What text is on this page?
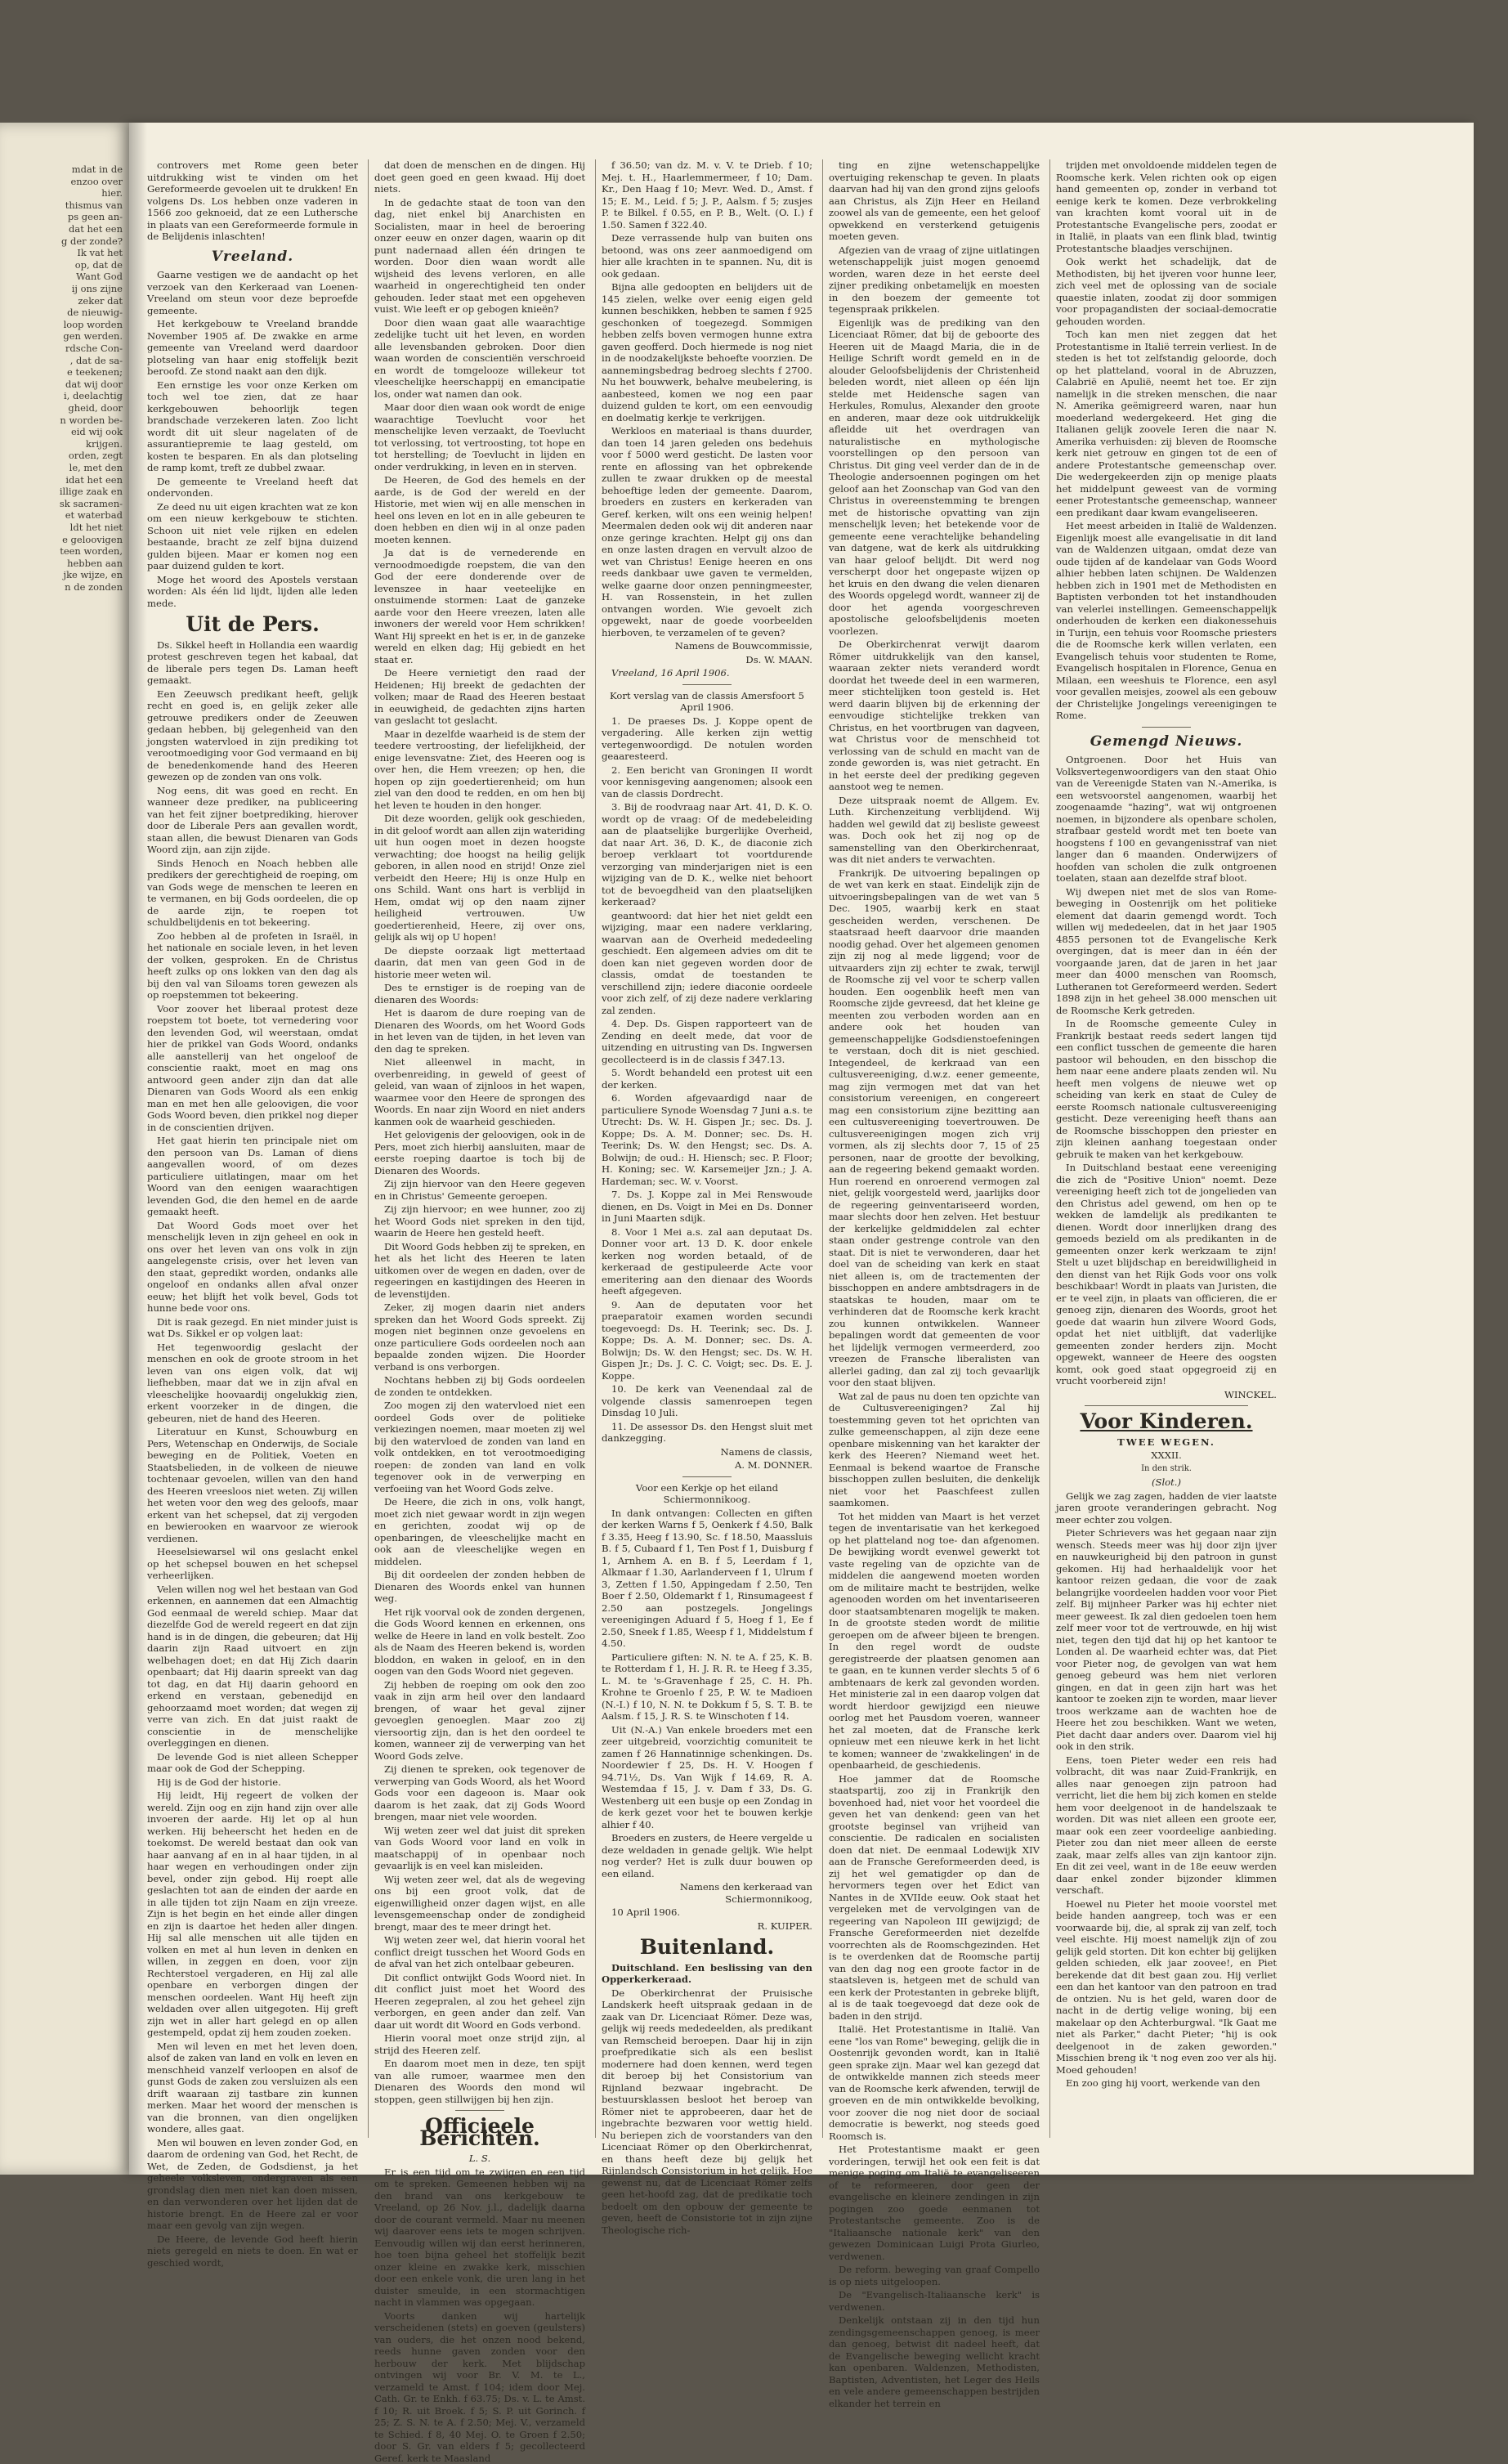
mdat in de
enzoo over
hier.
thismus van
ps geen an-
dat het een
g der zonde?
Ik vat het
op, dat de
Want God
ij ons zijne
zeker dat
de nieuwig-
loop worden
gen werden.
rdsche Con-
, dat de sa-
e teekenen;
dat wij door
i, deelachtig
gheid, door
n worden be-
eid wij ook
krijgen.
orden, zegt
le, met den
idat het een
illige zaak en
sk sacramen-
et waterbad
ldt het niet
e geloovigen
teen worden,
hebben aan
jke wijze, en
n de zonden

controvers met Rome geen beter uitdrukking wist te vinden om het Gereformeerde gevoelen uit te drukken! En volgens Ds. Los hebben onze vaderen in 1566 zoo geknoeid, dat ze een Luthersche in plaats van een Gereformeerde formule in de Belijdenis inlaschten!

Vreeland.

Gaarne vestigen we de aandacht op het verzoek van den Kerkeraad van Loenen-Vreeland om steun voor deze beproefde gemeente.

Het kerkgebouw te Vreeland brandde November 1905 af. De zwakke en arme gemeente van Vreeland werd daardoor plotseling van haar enig stoffelijk bezit beroofd. Ze stond naakt aan den dijk.

Een ernstige les voor onze Kerken om toch wel toe zien, dat ze haar kerkgebouwen behoorlijk tegen brandschade verzekeren laten. Zoo licht wordt dit uit sleur nagelaten of de assurantiepremie te laag gesteld, om kosten te besparen. En als dan plotseling de ramp komt, treft ze dubbel zwaar.

De gemeente te Vreeland heeft dat ondervonden.

Ze deed nu uit eigen krachten wat ze kon om een nieuw kerkgebouw te stichten. Schoon uit niet vele rijken en edelen bestaande, bracht ze zelf bijna duizend gulden bijeen. Maar er komen nog een paar duizend gulden te kort.

Moge het woord des Apostels verstaan worden: Als één lid lijdt, lijden alle leden mede.

Uit de Pers.

Ds. Sikkel heeft in Hollandia een waardig protest geschreven tegen het kabaal, dat de liberale pers tegen Ds. Laman heeft gemaakt.

Een Zeeuwsch predikant heeft, gelijk recht en goed is, en gelijk zeker alle getrouwe predikers onder de Zeeuwen gedaan hebben, bij gelegenheid van den jongsten watervloed in zijn prediking tot verootmoediging voor God vermaand en bij de benedenkomende hand des Heeren gewezen op de zonden van ons volk.

Nog eens, dit was goed en recht. En wanneer deze prediker, na publiceering van het feit zijner boetprediking, hierover door de Liberale Pers aan gevallen wordt, staan allen, die bewust Dienaren van Gods Woord zijn, aan zijn zijde.

Sinds Henoch en Noach hebben alle predikers der gerechtigheid de roeping, om van Gods wege de menschen te leeren en te vermanen, en bij Gods oordeelen, die op de aarde zijn, te roepen tot schuldbelijdenis en tot bekeering.

Zoo hebben al de profeten in Israël, in het nationale en sociale leven, in het leven der volken, gesproken. En de Christus heeft zulks op ons lokken van den dag als bij den val van Siloams toren gewezen als op roepstemmen tot bekeering.

Voor zoover het liberaal protest deze roepstem tot boete, tot vernedering voor den levenden God, wil weerstaan, omdat hier de prikkel van Gods Woord, ondanks alle aanstellerij van het ongeloof de conscientie raakt, moet en mag ons antwoord geen ander zijn dan dat alle Dienaren van Gods Woord als een enkig man en met hen alle geloovigen, die voor Gods Woord beven, dien prikkel nog dieper in de conscientien drijven.

Het gaat hierin ten principale niet om den persoon van Ds. Laman of diens aangevallen woord, of om dezes particuliere uitlatingen, maar om het Woord van den eenigen waarachtigen levenden God, die den hemel en de aarde gemaakt heeft.

Dat Woord Gods moet over het menschelijk leven in zijn geheel en ook in ons over het leven van ons volk in zijn aangelegenste crisis, over het leven van den staat, gepredikt worden, ondanks alle ongeloof en ondanks allen afval onzer eeuw; het blijft het volk bevel, Gods tot hunne bede voor ons.

Dit is raak gezegd. En niet minder juist is wat Ds. Sikkel er op volgen laat:

Het tegenwoordig geslacht der menschen en ook de groote stroom in het leven van ons eigen volk, dat wij liefhebben, maar dat we in zijn afval en vleeschelijke hoovaardij ongelukkig zien, erkent voorzeker in de dingen, die gebeuren, niet de hand des Heeren.

Literatuur en Kunst, Schouwburg en Pers, Wetenschap en Onderwijs, de Sociale beweging en de Politiek, Voeten en Staatsbelieden, in de volkeen de nieuwe tochtenaar gevoelen, willen van den hand des Heeren vreesloos niet weten. Zij willen het weten voor den weg des geloofs, maar erkent van het schepsel, dat zij vergoden en bewierooken en waarvoor ze wierook verdienen.

Heeselsiewarsel wil ons geslacht enkel op het schepsel bouwen en het schepsel verheerlijken.

Velen willen nog wel het bestaan van God erkennen, en aannemen dat een Almachtig God eenmaal de wereld schiep. Maar dat diezelfde God de wereld regeert en dat zijn hand is in de dingen, die gebeuren; dat Hij daarin zijn Raad uitvoert en zijn welbehagen doet; en dat Hij Zich daarin openbaart; dat Hij daarin spreekt van dag tot dag, en dat Hij daarin gehoord en erkend en verstaan, gebenedijd en gehoorzaamd moet worden; dat wegen zij verre van zich. En dat juist raakt de conscientie in de menschelijke overleggingen en dienen.

De levende God is niet alleen Schepper maar ook de God der Schepping.

Hij is de God der historie.

Hij leidt, Hij regeert de volken der wereld. Zijn oog en zijn hand zijn over alle invoeren der aarde. Hij let op al hun werken. Hij beheerscht het heden en de toekomst. De wereld bestaat dan ook van haar aanvang af en in al haar tijden, in al haar wegen en verhoudingen onder zijn bevel, onder zijn gebod. Hij roept alle geslachten tot aan de einden der aarde en in alle tijden tot zijn Naam en zijn vreeze. Zijn is het begin en het einde aller dingen en zijn is daartoe het heden aller dingen. Hij sal alle menschen uit alle tijden en volken en met al hun leven in denken en willen, in zeggen en doen, voor zijn Rechterstoel vergaderen, en Hij zal alle openbare en verborgen dingen der menschen oordeelen. Want Hij heeft zijn weldaden over allen uitgegoten. Hij greft zijn wet in aller hart gelegd en op allen gestempeld, opdat zij hem zouden zoeken.

Men wil leven en met het leven doen, alsof de zaken van land en volk en leven en menschheid vanzelf verloopen en alsof de gunst Gods de zaken zou versluizen als een drift waaraan zij tastbare zin kunnen merken. Maar het woord der menschen is van die bronnen, van dien ongelijken wondere, alles gaat.

Men wil bouwen en leven zonder God, en daarom de ordening van God, het Recht, de Wet, de Zeden, de Godsdienst, ja het geheele volksleven, ondergraven als een grondslag dien men niet kan doen missen, en dan verwonderen over het lijden dat de historie brengt. En de Heere zal er voor maar een gevolg van zijn wegen.

De Heere, de levende God heeft hierin niets geregeld en niets te doen. En wat er geschied wordt,

dat doen de menschen en de dingen. Hij doet geen goed en geen kwaad. Hij doet niets.

In de gedachte staat de toon van den dag, niet enkel bij Anarchisten en Socialisten, maar in heel de beroering onzer eeuw en onzer dagen, waarin op dit punt nadernaad allen één dringen te worden. Door dien waan wordt alle wijsheid des levens verloren, en alle waarheid in ongerechtigheid ten onder gehouden. Ieder staat met een opgeheven vuist. Wie leeft er op gebogen knieën?

Door dien waan gaat alle waarachtige zedelijke tucht uit het leven, en worden alle levensbanden gebroken. Door dien waan worden de conscientiën verschroeid en wordt de tomgelooze willekeur tot vleeschelijke heerschappij en emancipatie los, onder wat namen dan ook.

Maar door dien waan ook wordt de enige waarachtige Toevlucht voor het menschelijke leven verzaakt, de Toevlucht tot verlossing, tot vertroosting, tot hope en tot herstelling; de Toevlucht in lijden en onder verdrukking, in leven en in sterven.

De Heeren, de God des hemels en der aarde, is de God der wereld en der Historie, met wien wij en alle menschen in heel ons leven en lot en in alle gebeuren te doen hebben en dien wij in al onze paden moeten kennen.

Ja dat is de vernederende en vernoodmoedigde roepstem, die van den God der eere donderende over de levenszee in haar veeteelijke en onstuimende stormen: Laat de ganzeke aarde voor den Heere vreezen, laten alle inwoners der wereld voor Hem schrikken! Want Hij spreekt en het is er, in de ganzeke wereld en elken dag; Hij gebiedt en het staat er.

De Heere vernietigt den raad der Heidenen; Hij breekt de gedachten der volken; maar de Raad des Heeren bestaat in eeuwigheid, de gedachten zijns harten van geslacht tot geslacht.

Maar in dezelfde waarheid is de stem der teedere vertroosting, der liefelijkheid, der enige levensvatne: Ziet, des Heeren oog is over hen, die Hem vreezen; op hen, die hopen op zijn goedertierenheid; om hun ziel van den dood te redden, en om hen bij het leven te houden in den honger.

Dit deze woorden, gelijk ook geschieden, in dit geloof wordt aan allen zijn wateriding uit hun oogen moet in dezen hoogste verwachting; doe hoogst na heilig gelijk geboren, in allen nood en strijd! Onze ziel verbeidt den Heere; Hij is onze Hulp en ons Schild. Want ons hart is verblijd in Hem, omdat wij op den naam zijner heiligheid vertrouwen. Uw goedertierenheid, Heere, zij over ons, gelijk als wij op U hopen!

De diepste oorzaak ligt mettertaad daarin, dat men van geen God in de historie meer weten wil.

Des te ernstiger is de roeping van de dienaren des Woords:

Het is daarom de dure roeping van de Dienaren des Woords, om het Woord Gods in het leven van de tijden, in het leven van den dag te spreken.

Niet alleenwel in macht, in overbenreiding, in geweld of geest of geleid, van waan of zijnloos in het wapen, waarmee voor den Heere de sprongen des Woords. En naar zijn Woord en niet anders kanmen ook de waarheid geschieden.

Het gelovigenis der geloovigen, ook in de Pers, moet zich hierbij aansluiten, maar de eerste roeping daartoe is toch bij de Dienaren des Woords.

Zij zijn hiervoor van den Heere gegeven en in Christus' Gemeente geroepen.

Zij zijn hiervoor; en wee hunner, zoo zij het Woord Gods niet spreken in den tijd, waarin de Heere hen gesteld heeft.

Dit Woord Gods hebben zij te spreken, en het als het licht des Heeren te laten uitkomen over de wegen en daden, over de regeeringen en kastijdingen des Heeren in de levenstijden.

Zeker, zij mogen daarin niet anders spreken dan het Woord Gods spreekt. Zij mogen niet beginnen onze gevoelens en onze particuliere Gods oordeelen noch aan bepaalde zonden wijzen. Die Hoorder verband is ons verborgen.

Nochtans hebben zij bij Gods oordeelen de zonden te ontdekken.

Zoo mogen zij den watervloed niet een oordeel Gods over de politieke verkiezingen noemen, maar moeten zij wel bij den watervloed de zonden van land en volk ontdekken, en tot verootmoediging roepen: de zonden van land en volk tegenover ook in de verwerping en verfoeiing van het Woord Gods zelve.

De Heere, die zich in ons, volk hangt, moet zich niet gewaar wordt in zijn wegen en gerichten, zoodat wij op de openbaringen, de vleeschelijke macht en ook aan de vleeschelijke wegen en middelen.

Bij dit oordeelen der zonden hebben de Dienaren des Woords enkel van hunnen weg.

Het rijk voorval ook de zonden dergenen, die Gods Woord kennen en erkennen, ons welke de Heere in land en volk bestelt. Zoo als de Naam des Heeren bekend is, worden bloddon, en waken in geloof, en in den oogen van den Gods Woord niet gegeven.

Zij hebben de roeping om ook den zoo vaak in zijn arm heil over den landaard brengen, of waar het geval zijner gevoeglen genoeglen. Maar zoo zij viersoortig zijn, dan is het den oordeel te komen, wanneer zij de verwerping van het Woord Gods zelve.

Zij dienen te spreken, ook tegenover de verwerping van Gods Woord, als het Woord Gods voor een dageoon is. Maar ook daarom is het zaak, dat zij Gods Woord brengen, maar niet vele woorden.

Wij weten zeer wel dat juist dit spreken van Gods Woord voor land en volk in maatschappij of in openbaar noch gevaarlijk is en veel kan misleiden.

Wij weten zeer wel, dat als de wegeving ons bij een groot volk, dat de eigenwilligheid onzer dagen wijst, en alle levensgemeenschap onder de zondigheid brengt, maar des te meer dringt het.

Wij weten zeer wel, dat hierin vooral het conflict dreigt tusschen het Woord Gods en de afval van het zich ontelbaar gebeuren.

Dit conflict ontwijkt Gods Woord niet. In dit conflict juist moet het Woord des Heeren zegepralen, al zou het geheel zijn verborgen, en geen ander dan zelf. Van daar uit wordt dit Woord en Gods verbond.

Hierin vooral moet onze strijd zijn, al strijd des Heeren zelf.

En daarom moet men in deze, ten spijt van alle rumoer, waarmee men den Dienaren des Woords den mond wil stoppen, geen stillwijgen bij hen zijn.

Officieele Berichten.

L. S.

Er is een tijd om te zwijgen en een tijd om te spreken. Gemeenen hebben wij na den brand van ons kerkgebouw te Vreeland, op 26 Nov. j.l., dadelijk daarna door de courant vermeld. Maar nu meenen wij daarover eens iets te mogen schrijven. Eenvoudig willen wij dan eerst herinneren, hoe toen bijna geheel het stoffelijk bezit onzer kleine en zwakke kerk, misschien door een enkele vonk, die uren lang in het duister smeulde, in een stormachtigen nacht in vlammen was opgegaan.

Voorts danken wij hartelijk verscheidenen (stets) en goeven (geulsters) van ouders, die het onzen nood bekend, reeds hunne gaven zonden voor den herbouw der kerk. Met blijdschap ontvingen wij voor Br. V. M. te L., verzameld te Amst. f 104; idem door Mej. Cath. Gr. te Enkh. f 63.75; Ds. v. L. te Amst. f 10; R. uit Broek. f 5; S. P. uit Gorinch. f 25; Z. S. N. te A. f 2.50; Mej. V., verzameld te Schied. f 8, 40 Mej. O. te Groen f 2.50; door S. Gr. van elders f 5; gecollecteerd Geref. kerk te Maasland

f 36.50; van dz. M. v. V. te Drieb. f 10; Mej. t. H., Haarlemmermeer, f 10; Dam. Kr., Den Haag f 10; Mevr. Wed. D., Amst. f 15; E. M., Leid. f 5; J. P., Aalsm. f 5; zusjes P. te Bilkel. f 0.55, en P. B., Welt. (O. I.) f 1.50. Samen f 322.40.

Deze verrassende hulp van buiten ons betoond, was ons zeer aanmoedigend om hier alle krachten in te spannen. Nu, dit is ook gedaan.

Bijna alle gedoopten en belijders uit de 145 zielen, welke over eenig eigen geld kunnen beschikken, hebben te samen f 925 geschonken of toegezegd. Sommigen hebben zelfs boven vermogen hunne extra gaven geofferd. Doch hiermede is nog niet in de noodzakelijkste behoefte voorzien. De aannemingsbedrag bedroeg slechts f 2700. Nu het bouwwerk, behalve meubelering, is aanbesteed, komen we nog een paar duizend gulden te kort, om een eenvoudig en doelmatig kerkje te verkrijgen.

Werkloos en materiaal is thans duurder, dan toen 14 jaren geleden ons bedehuis voor f 5000 werd gesticht. De lasten voor rente en aflossing van het opbrekende zullen te zwaar drukken op de meestal behoeftige leden der gemeente. Daarom, broeders en zusters en kerkeraden van Geref. kerken, wilt ons een weinig helpen! Meermalen deden ook wij dit anderen naar onze geringe krachten. Helpt gij ons dan en onze lasten dragen en vervult alzoo de wet van Christus! Eenige heeren en ons reeds dankbaar uwe gaven te vermelden, welke gaarne door onzen penningmeester, H. van Rossenstein, in het zullen ontvangen worden. Wie gevoelt zich opgewekt, naar de goede voorbeelden hierboven, te verzamelen of te geven?

Namens de Bouwcommissie,

Ds. W. MAAN.

Vreeland, 16 April 1906.

Kort verslag van de classis Amersfoort 5 April 1906.

1. De praeses Ds. J. Koppe opent de vergadering. Alle kerken zijn wettig vertegenwoordigd. De notulen worden geaaresteerd.

2. Een bericht van Groningen II wordt voor kennisgeving aangenomen; alsook een van de classis Dordrecht.

3. Bij de roodvraag naar Art. 41, D. K. O. wordt op de vraag: Of de medebeleiding aan de plaatselijke burgerlijke Overheid, dat naar Art. 36, D. K., de diaconie zich beroep verklaart tot voortdurende verzorging van minderjarigen niet is een wijziging van de D. K., welke niet behoort tot de bevoegdheid van den plaatselijken kerkeraad?

geantwoord: dat hier het niet geldt een wijziging, maar een nadere verklaring, waarvan aan de Overheid mededeeling geschiedt. Een algemeen advies om dit te doen kan niet gegeven worden door de classis, omdat de toestanden te verschillend zijn; iedere diaconie oordeele voor zich zelf, of zij deze nadere verklaring zal zenden.

4. Dep. Ds. Gispen rapporteert van de Zending en deelt mede, dat voor de uitzending en uitrusting van Ds. Ingwersen gecollecteerd is in de classis f 347.13.

5. Wordt behandeld een protest uit een der kerken.

6. Worden afgevaardigd naar de particuliere Synode Woensdag 7 Juni a.s. te Utrecht: Ds. W. H. Gispen Jr.; sec. Ds. J. Koppe; Ds. A. M. Donner; sec. Ds. H. Teerink; Ds. W. den Hengst; sec. Ds. A. Bolwijn; de oud.: H. Hiensch; sec. P. Floor; H. Koning; sec. W. Karsemeijer Jzn.; J. A. Hardeman; sec. W. v. Voorst.

7. Ds. J. Koppe zal in Mei Renswoude dienen, en Ds. Voigt in Mei en Ds. Donner in Juni Maarten sdijk.

8. Voor 1 Mei a.s. zal aan deputaat Ds. Donner voor art. 13 D. K. door enkele kerken nog worden betaald, of de kerkeraad de gestipuleerde Acte voor emeritering aan den dienaar des Woords heeft afgegeven.

9. Aan de deputaten voor het praeparatoir examen worden secundi toegevoegd: Ds. H. Teerink; sec. Ds. J. Koppe; Ds. A. M. Donner; sec. Ds. A. Bolwijn; Ds. W. den Hengst; sec. Ds. W. H. Gispen Jr.; Ds. J. C. C. Voigt; sec. Ds. E. J. Koppe.

10. De kerk van Veenendaal zal de volgende classis samenroepen tegen Dinsdag 10 Juli.

11. De assessor Ds. den Hengst sluit met dankzegging.

Namens de classis,

A. M. DONNER.

Voor een Kerkje op het eiland Schiermonnikoog.

In dank ontvangen: Collecten en giften der kerken Warns f 5, Oenkerk f 4.50, Balk f 3.35, Heeg f 13.90, Sc. f 18.50, Maassluis B. f 5, Cubaard f 1, Ten Post f 1, Duisburg f 1, Arnhem A. en B. f 5, Leerdam f 1, Alkmaar f 1.30, Aarlanderveen f 1, Ulrum f 3, Zetten f 1.50, Appingedam f 2.50, Ten Boer f 2.50, Oldemarkt f 1, Rinsumageest f 2.50 aan postzegels. Jongelings vereenigingen Aduard f 5, Hoeg f 1, Ee f 2.50, Sneek f 1.85, Weesp f 1, Middelstum f 4.50.

Particuliere giften: N. N. te A. f 25, K. B. te Rotterdam f 1, H. J. R. R. te Heeg f 3.35, L. M. te 's-Gravenhage f 25, C. H. Ph. Krohne te Groenlo f 25, P. W. te Madioen (N.-I.) f 10, N. N. te Dokkum f 5, S. T. B. te Aalsm. f 15, J. R. S. te Winschoten f 14.

Uit (N.-A.) Van enkele broeders met een zeer uitgebreid, voorzichtig comuniteit te zamen f 26 Hannatinnige schenkingen. Ds. Noordewier f 25, Ds. H. V. Hoogen f 94.71½, Ds. Van Wijk f 14.69, R. A. Westemdaa f 15, J. v. Dam f 33, Ds. G. Westenberg uit een busje op een Zondag in de kerk gezet voor het te bouwen kerkje alhier f 40.

Broeders en zusters, de Heere vergelde u deze weldaden in genade gelijk. Wie helpt nog verder? Het is zulk duur bouwen op een eiland.

Namens den kerkeraad van Schiermonnikoog,

10 April 1906.

R. KUIPER.

Buitenland.

Duitschland. Een beslissing van den Opperkerkeraad.

De Oberkirchenrat der Pruisische Landskerk heeft uitspraak gedaan in de zaak van Dr. Licenciaat Römer. Deze was, gelijk wij reeds mededeelden, als predikant van Remscheid beroepen. Daar hij in zijn proefpredikatie sich als een beslist modernere had doen kennen, werd tegen dit beroep bij het Consistorium van Rijnland bezwaar ingebracht. De bestuursklassen besloot het beroep van Römer niet te approbeeren, daar het de ingebrachte bezwaren voor wettig hield. Nu beriepen zich de voorstanders van den Licenciaat Römer op den Oberkirchenrat, en thans heeft deze bij gelijk het Rijnlandsch Consistorium in het gelijk. Hoe gewenst nu, dat de Licenciaat Römer zelfs geen het-hoofd zag, dat de predikatie toch bedoelt om den opbouw der gemeente te geven, heeft de Consistorie tot in zijn zijne Theologische rich-

ting en zijne wetenschappelijke overtuiging rekenschap te geven. In plaats daarvan had hij van den grond zijns geloofs aan Christus, als Zijn Heer en Heiland zoowel als van de gemeente, een het geloof opwekkend en versterkend getuigenis moeten geven.

Afgezien van de vraag of zijne uitlatingen wetenschappelijk juist mogen genoemd worden, waren deze in het eerste deel zijner prediking onbetamelijk en moesten in den boezem der gemeente tot tegenspraak prikkelen.

Eigenlijk was de prediking van den Licenciaat Römer, dat bij de geboorte des Heeren uit de Maagd Maria, die in de Heilige Schrift wordt gemeld en in de alouder Geloofsbelijdenis der Christenheid beleden wordt, niet alleen op één lijn stelde met Heidensche sagen van Herkules, Romulus, Alexander den groote en anderen, maar deze ook uitdrukkelijk afleidde uit het overdragen van naturalistische en mythologische voorstellingen op den persoon van Christus. Dit ging veel verder dan de in de Theologie andersoennen pogingen om het geloof aan het Zoonschap van God van den Christus in overeenstemming te brengen met de historische opvatting van zijn menschelijk leven; het betekende voor de gemeente eene verachtelijke behandeling van datgene, wat de kerk als uitdrukking van haar geloof belijdt. Dit werd nog verscherpt door het ongepaste wijzen op het kruis en den dwang die velen dienaren des Woords opgelegd wordt, wanneer zij de door het agenda voorgeschreven apostolische geloofsbelijdenis moeten voorlezen.

De Oberkirchenrat verwijt daarom Römer uitdrukkelijk van den kansel, waaraan zekter niets veranderd wordt doordat het tweede deel in een warmeren, meer stichtelijken toon gesteld is. Het werd daarin blijven bij de erkenning der eenvoudige stichtelijke trekken van Christus, en het voortbrugen van dagveen, wat Christus voor de menschheid tot verlossing van de schuld en macht van de zonde geworden is, was niet getracht. En in het eerste deel der prediking gegeven aanstoot weg te nemen.

Deze uitspraak noemt de Allgem. Ev. Luth. Kirchenzeitung verblijdend. Wij hadden wel gewild dat zij besliste geweest was. Doch ook het zij nog op de samenstelling van den Oberkirchenraat, was dit niet anders te verwachten.

Frankrijk. De uitvoering bepalingen op de wet van kerk en staat. Eindelijk zijn de uitvoeringsbepalingen van de wet van 5 Dec. 1905, waarbij kerk en staat gescheiden werden, verschenen. De staatsraad heeft daarvoor drie maanden noodig gehad. Over het algemeen genomen zijn zij nog al mede liggend; voor de uitvaarders zijn zij echter te zwak, terwijl de Roomsche zij vel voor te scherp vallen houden. Een oogenblik heeft men van Roomsche zijde gevreesd, dat het kleine ge meenten zou verboden worden aan en andere ook het houden van gemeenschappelijke Godsdienstoefeningen te verstaan, doch dit is niet geschied. Integendeel, de kerkraad van een cultusvereeniging, d.w.z. eener gemeente, mag zijn vermogen met dat van het consistorium vereenigen, en congereert mag een consistorium zijne bezitting aan een cultusvereeniging toevertrouwen. De cultusvereenigingen mogen zich vrij vormen, als zij slechts door 7, 15 of 25 personen, naar de grootte der bevolking, aan de regeering bekend gemaakt worden. Hun roerend en onroerend vermogen zal niet, gelijk voorgesteld werd, jaarlijks door de regeering geinventariseerd worden, maar slechts door hen zelven. Het bestuur der kerkelijke geldmiddelen zal echter staan onder gestrenge controle van den staat. Dit is niet te verwonderen, daar het doel van de scheiding van kerk en staat niet alleen is, om de tractementen der bisschoppen en andere ambtsdragers in de staatskas te houden, maar om te verhinderen dat de Roomsche kerk kracht zou kunnen ontwikkelen. Wanneer bepalingen wordt dat gemeenten de voor het lijdelijk vermogen vermeerderd, zoo vreezen de Fransche liberalisten van allerlei gading, dan zal zij toch gevaarlijk voor den staat blijven.

Wat zal de paus nu doen ten opzichte van de Cultusvereenigingen? Zal hij toestemming geven tot het oprichten van zulke gemeenschappen, al zijn deze eene openbare miskenning van het karakter der kerk des Heeren? Niemand weet het. Eenmaal is bekend waartoe de Fransche bisschoppen zullen besluiten, die denkelijk niet voor het Paaschfeest zullen saamkomen.

Tot het midden van Maart is het verzet tegen de inventarisatie van het kerkegoed op het platteland nog toe- dan afgenomen. De bewijking wordt evenwel gewerkt tot vaste regeling van de opzichte van de middelen die aangewend moeten worden om de militaire macht te bestrijden, welke agenooden worden om het inventariseeren door staatsambtenaren mogelijk te maken. In de grootste steden wordt de militie geroepen om de afweer bijeen te brengen. In den regel wordt de oudste geregistreerde der plaatsen genomen aan te gaan, en te kunnen verder slechts 5 of 6 ambtenaars de kerk zal gevonden worden. Het ministerie zal in een daarop volgen dat wordt hierdoor gewijzigd een nieuwe oorlog met het Pausdom voeren, wanneer het zal moeten, dat de Fransche kerk opnieuw met een nieuwe kerk in het licht te komen; wanneer de 'zwakkelingen' in de openbaarheid, de geschiedenis.

Hoe jammer dat de Roomsche staatspartij, zoo zij in Frankrijk den bovenhoed had, niet voor het voordeel die geven het van denkend: geen van het grootste beginsel van vrijheid van conscientie. De radicalen en socialisten doen dat niet. De eenmaal Lodewijk XIV aan de Fransche Gereformeerden deed, is zij het wel gematigder op dan de hervormers tegen over het Edict van Nantes in de XVIIde eeuw. Ook staat het vergeleken met de vervolgingen van de regeering van Napoleon III gewijzigd; de Fransche Gereformeerden niet dezelfde voorrechten als de Roomschgezinden. Het is te overdenken dat de Roomsche partij van den dag nog een groote factor in de staatsleven is, hetgeen met de schuld van een kerk der Protestanten in gebreke blijft, al is de taak toegevoegd dat deze ook de baden in den strijd.

Italië. Het Protestantisme in Italië. Van eene "los van Rome" beweging, gelijk die in Oostenrijk gevonden wordt, kan in Italië geen sprake zijn. Maar wel kan gezegd dat de ontwikkelde mannen zich steeds meer van de Roomsche kerk afwenden, terwijl de groeven en de min ontwikkelde bevolking, voor zoover die nog niet door de sociaal democratie is bewerkt, nog steeds goed Roomsch is.

Het Protestantisme maakt er geen vorderingen, terwijl het ook een feit is dat menige poging om Italië te evangeliseeren of te reformeeren, door geen der evangelische en kleinere zendingen in zijn pogingen zoo goede eenmanen tot Protestantsche gemeente. Zoo is de "Italiaansche nationale kerk" van den gewezen Dominicaan Luigi Prota Giurleo, verdwenen.

De reform. beweging van graaf Compello is op niets uitgeloopen.

De "Evangelisch-Italiaansche kerk" is verdwenen.

Denkelijk ontstaan zij in den tijd hun zendingsgemeenschappen genoeg, is meer dan genoeg, betwist dit nadeel heeft, dat de Evangelische beweging wellicht kracht kan openbaren. Waldenzen, Methodisten, Baptisten, Adventisten, het Leger des Heils en vele andere gemeenschappen bestrijden elkander het terrein en

trijden met onvoldoende middelen tegen de Roomsche kerk. Velen richten ook op eigen hand gemeenten op, zonder in verband tot eenige kerk te komen. Deze verbrokkeling van krachten komt vooral uit in de Protestantsche Evangelische pers, zoodat er in Italië, in plaats van een flink blad, twintig Protestantsche blaadjes verschijnen.

Ook werkt het schadelijk, dat de Methodisten, bij het ijveren voor hunne leer, zich veel met de oplossing van de sociale quaestie inlaten, zoodat zij door sommigen voor propagandisten der sociaal-democratie gehouden worden.

Toch kan men niet zeggen dat het Protestantisme in Italië terrein verliest. In de steden is het tot zelfstandig geloorde, doch op het platteland, vooral in de Abruzzen, Calabrië en Apulië, neemt het toe. Er zijn namelijk in die streken menschen, die naar N. Amerika geëmigreerd waren, naar hun moederland wedergekeerd. Het ging die Italianen gelijk zoovele Ieren die naar N. Amerika verhuisden: zij bleven de Roomsche kerk niet getrouw en gingen tot de een of andere Protestantsche gemeenschap over. Die wedergekeerden zijn op menige plaats het middelpunt geweest van de vorming eener Protestantsche gemeenschap, wanneer een predikant daar kwam evangeliseeren.

Het meest arbeiden in Italië de Waldenzen. Eigenlijk moest alle evangelisatie in dit land van de Waldenzen uitgaan, omdat deze van oude tijden af de kandelaar van Gods Woord alhier hebben laten schijnen. De Waldenzen hebben zich in 1901 met de Methodisten en Baptisten verbonden tot het instandhouden van velerlei instellingen. Gemeenschappelijk onderhouden de kerken een diakonessehuis in Turijn, een tehuis voor Roomsche priesters die de Roomsche kerk willen verlaten, een Evangelisch tehuis voor studenten te Rome, Evangelisch hospitalen in Florence, Genua en Milaan, een weeshuis te Florence, een asyl voor gevallen meisjes, zoowel als een gebouw der Christelijke Jongelings vereenigingen te Rome.

Gemengd Nieuws.

Ontgroenen. Door het Huis van Volksvertegenwoordigers van den staat Ohio van de Vereenigde Staten van N.-Amerika, is een wetsvoorstel aangenomen, waarbij het zoogenaamde "hazing", wat wij ontgroenen noemen, in bijzondere als openbare scholen, strafbaar gesteld wordt met ten boete van hoogstens f 100 en gevangenisstraf van niet langer dan 6 maanden. Onderwijzers of hoofden van scholen die zulk ontgroenen toelaten, staan aan dezelfde straf bloot.

Wij dwepen niet met de slos van Rome-beweging in Oostenrijk om het politieke element dat daarin gemengd wordt. Toch willen wij mededeelen, dat in het jaar 1905 4855 personen tot de Evangelische Kerk overgingen, dat is meer dan in één der voorgaande jaren, dat de jaren in het jaar meer dan 4000 menschen van Roomsch, Lutheranen tot Gereformeerd werden. Sedert 1898 zijn in het geheel 38.000 menschen uit de Roomsche Kerk getreden.

In de Roomsche gemeente Culey in Frankrijk bestaat reeds sedert langen tijd een conflict tusschen de gemeente die haren pastoor wil behouden, en den bisschop die hem naar eene andere plaats zenden wil. Nu heeft men volgens de nieuwe wet op scheiding van kerk en staat de Culey de eerste Roomsch nationale cultusvereeniging gesticht. Deze vereeniging heeft thans aan de Roomsche bisschoppen den priester en zijn kleinen aanhang toegestaan onder gebruik te maken van het kerkgebouw.

In Duitschland bestaat eene vereeniging die zich de "Positive Union" noemt. Deze vereeniging heeft zich tot de jongelieden van den Christus adel gewend, om hen op te wekken de lamdelijk als predikanten te dienen. Wordt door innerlijken drang des gemoeds bezield om als predikanten in de gemeenten onzer kerk werkzaam te zijn! Stelt u uzet blijdschap en bereidwilligheid in den dienst van het Rijk Gods voor ons volk beschikbaar! Wordt in plaats van Juristen, die er te veel zijn, in plaats van officieren, die er genoeg zijn, dienaren des Woords, groot het goede dat waarin hun zilvere Woord Gods, opdat het niet uitblijft, dat vaderlijke gemeenten zonder herders zijn. Mocht opgewekt, wanneer de Heere des oogsten komt, ook goed staat opgegroeid zij en vrucht voorbereid zijn!

WINCKEL.

Voor Kinderen.

TWEE WEGEN.

XXXII.

In den strik.

(Slot.)

Gelijk we zag zagen, hadden de vier laatste jaren groote veranderingen gebracht. Nog meer echter zou volgen.

Pieter Schrievers was het gegaan naar zijn wensch. Steeds meer was hij door zijn ijver en nauwkeurigheid bij den patroon in gunst gekomen. Hij had herhaaldelijk voor het kantoor reizen gedaan, die voor de zaak belangrijke voordeelen hadden voor voor Piet zelf. Bij mijnheer Parker was hij echter niet meer geweest. Ik zal dien gedoelen toen hem zelf meer voor tot de vertrouwde, en hij wist niet, tegen den tijd dat hij op het kantoor te Londen al. De waarheid echter was, dat Piet voor Pieter nog, de gevolgen van wat hem genoeg gebeurd was hem niet verloren gingen, en dat in geen zijn hart was het kantoor te zoeken zijn te worden, maar liever troos werkzame aan de wachten hoe de Heere het zou beschikken. Want we weten, Piet dacht daar anders over. Daarom viel hij ook in den strik.

Eens, toen Pieter weder een reis had volbracht, dit was naar Zuid-Frankrijk, en alles naar genoegen zijn patroon had verricht, liet die hem bij zich komen en stelde hem voor deelgenoot in de handelszaak te worden. Dit was niet alleen een groote eer, maar ook een zeer voordeelige aanbieding. Pieter zou dan niet meer alleen de eerste zaak, maar zelfs alles van zijn kantoor zijn. En dit zei veel, want in de 18e eeuw werden daar enkel zonder bijzonder klimmen verschaft.

Hoewel nu Pieter het mooie voorstel met beide handen aangreep, toch was er een voorwaarde bij, die, al sprak zij van zelf, toch veel eischte. Hij moest namelijk zijn of zou gelijk geld storten. Dit kon echter bij gelijken gelden schieden, elk jaar zoovee!, en Piet berekende dat dit best gaan zou. Hij verliet een dan het kantoor van den patroon en trad de ontzien. Nu is het geld, waren door de nacht in de dertig velige woning, bij een makelaar op den Achterburgwal. "Ik Gaat me niet als Parker," dacht Pieter; "hij is ook deelgenoot in de zaken geworden." Misschien breng ik 't nog even zoo ver als hij. Moed gehouden!

En zoo ging hij voort, werkende van den
